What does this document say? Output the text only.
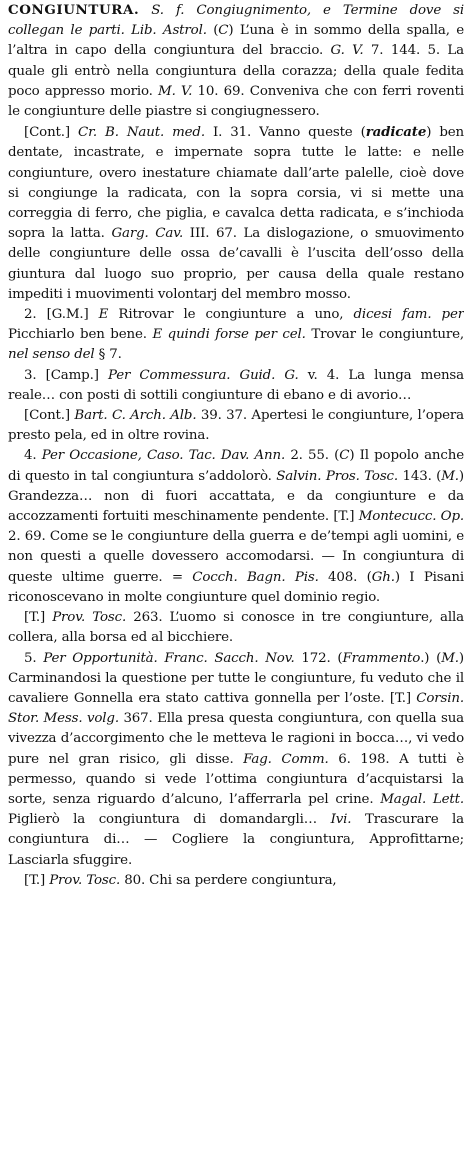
CONGIUNTURA. S. f. Congiugnimento, e Termine dove si collegan le parti. Lib. Astrol. (C) L’una è in sommo della spalla, e l’altra in capo della congiuntura del braccio. G. V. 7. 144. 5. La quale gli entrò nella congiuntura della corazza; della quale fedita poco appresso morio. M. V. 10. 69. Conveniva che con ferri roventi le congiunture delle piastre si congiugnessero.

[Cont.] Cr. B. Naut. med. I. 31. Vanno queste (radicate) ben dentate, incastrate, e impernate sopra tutte le latte: e nelle congiunture, overo inestature chiamate dall’arte palelle, cioè dove si congiunge la radicata, con la sopra corsia, vi si mette una correggia di ferro, che piglia, e cavalca detta radicata, e s’inchioda sopra la latta. Garg. Cav. III. 67. La dislogazione, o smuovimento delle congiunture delle ossa de’cavalli è l’uscita dell’osso della giuntura dal luogo suo proprio, per causa della quale restano impediti i muovimenti volontarj del membro mosso.

2. [G.M.] E Ritrovar le congiunture a uno, dicesi fam. per Picchiarlo ben bene. E quindi forse per cel. Trovar le congiunture, nel senso del § 7.

3. [Camp.] Per Commessura. Guid. G. v. 4. La lunga mensa reale… con posti di sottili congiunture di ebano e di avorio…

[Cont.] Bart. C. Arch. Alb. 39. 37. Apertesi le congiunture, l’opera presto pela, ed in oltre rovina.

4. Per Occasione, Caso. Tac. Dav. Ann. 2. 55. (C) Il popolo anche di questo in tal congiuntura s’addolorò. Salvin. Pros. Tosc. 143. (M.) Grandezza… non di fuori accattata, e da congiunture e da accozzamenti fortuiti meschinamente pendente. [T.] Montecucc. Op. 2. 69. Come se le congiunture della guerra e de’tempi agli uomini, e non questi a quelle dovessero accomodarsi. — In congiuntura di queste ultime guerre. = Cocch. Bagn. Pis. 408. (Gh.) I Pisani riconoscevano in molte congiunture quel dominio regio.

[T.] Prov. Tosc. 263. L’uomo si conosce in tre congiunture, alla collera, alla borsa ed al bicchiere.

5. Per Opportunità. Franc. Sacch. Nov. 172. (Frammento.) (M.) Carminandosi la questione per tutte le congiunture, fu veduto che il cavaliere Gonnella era stato cattiva gonnella per l’oste. [T.] Corsin. Stor. Mess. volg. 367. Ella presa questa congiuntura, con quella sua vivezza d’accorgimento che le metteva le ragioni in bocca…, vi vedo pure nel gran risico, gli disse. Fag. Comm. 6. 198. A tutti è permesso, quando si vede l’ottima congiuntura d’acquistarsi la sorte, senza riguardo d’alcuno, l’afferrarla pel crine. Magal. Lett. Piglierò la congiuntura di domandargli… Ivi. Trascurare la congiuntura di… — Cogliere la congiuntura, Approfittarne; Lasciarla sfuggire.

[T.] Prov. Tosc. 80. Chi sa perdere congiuntura,
